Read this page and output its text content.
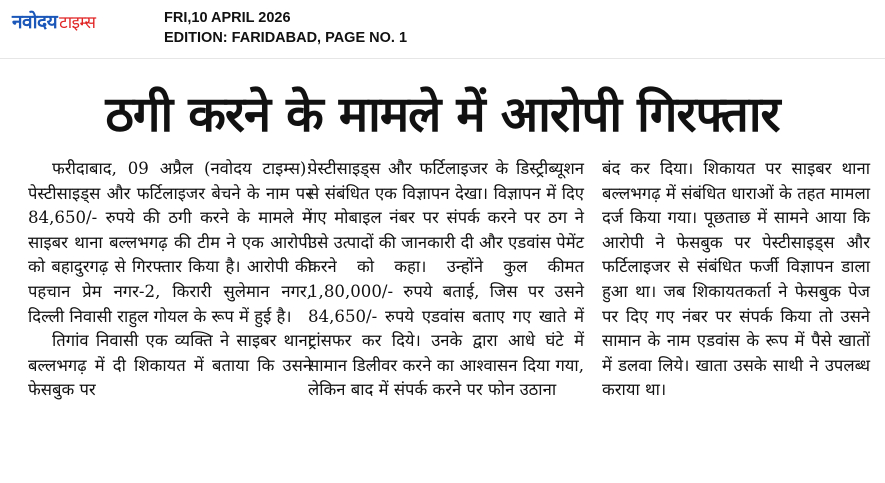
नवोदय टाइम्स	FRI,10 APRIL 2026
EDITION: FARIDABAD, PAGE NO. 1
ठगी करने के मामले में आरोपी गिरफ्तार

फरीदाबाद, 09 अप्रैल (नवोदय टाइम्स): पेस्टीसाइड्स और फर्टिलाइजर बेचने के नाम पर 84,650/- रुपये की ठगी करने के मामले में साइबर थाना बल्लभगढ़ की टीम ने एक आरोपी को बहादुरगढ़ से गिरफ्तार किया है। आरोपी की पहचान प्रेम नगर-2, किरारी सुलेमान नगर, दिल्ली निवासी राहुल गोयल के रूप में हुई है।

तिगांव निवासी एक व्यक्ति ने साइबर थाना बल्लभगढ़ में दी शिकायत में बताया कि उसने फेसबुक पर

पेस्टीसाइड्स और फर्टिलाइजर के डिस्ट्रीब्यूशन से संबंधित एक विज्ञापन देखा। विज्ञापन में दिए गए मोबाइल नंबर पर संपर्क करने पर ठग ने उसे उत्पादों की जानकारी दी और एडवांस पेमेंट करने को कहा। उन्होंने कुल कीमत 1,80,000/- रुपये बताई, जिस पर उसने 84,650/- रुपये एडवांस बताए गए खाते में ट्रांसफर कर दिये। उनके द्वारा आधे घंटे में सामान डिलीवर करने का आश्वासन दिया गया, लेकिन बाद में संपर्क करने पर फोन उठाना

बंद कर दिया। शिकायत पर साइबर थाना बल्लभगढ़ में संबंधित धाराओं के तहत मामला दर्ज किया गया। पूछताछ में सामने आया कि आरोपी ने फेसबुक पर पेस्टीसाइड्स और फर्टिलाइजर से संबंधित फर्जी विज्ञापन डाला हुआ था। जब शिकायतकर्ता ने फेसबुक पेज पर दिए गए नंबर पर संपर्क किया तो उसने सामान के नाम एडवांस के रूप में पैसे खातों में डलवा लिये। खाता उसके साथी ने उपलब्ध कराया था।
